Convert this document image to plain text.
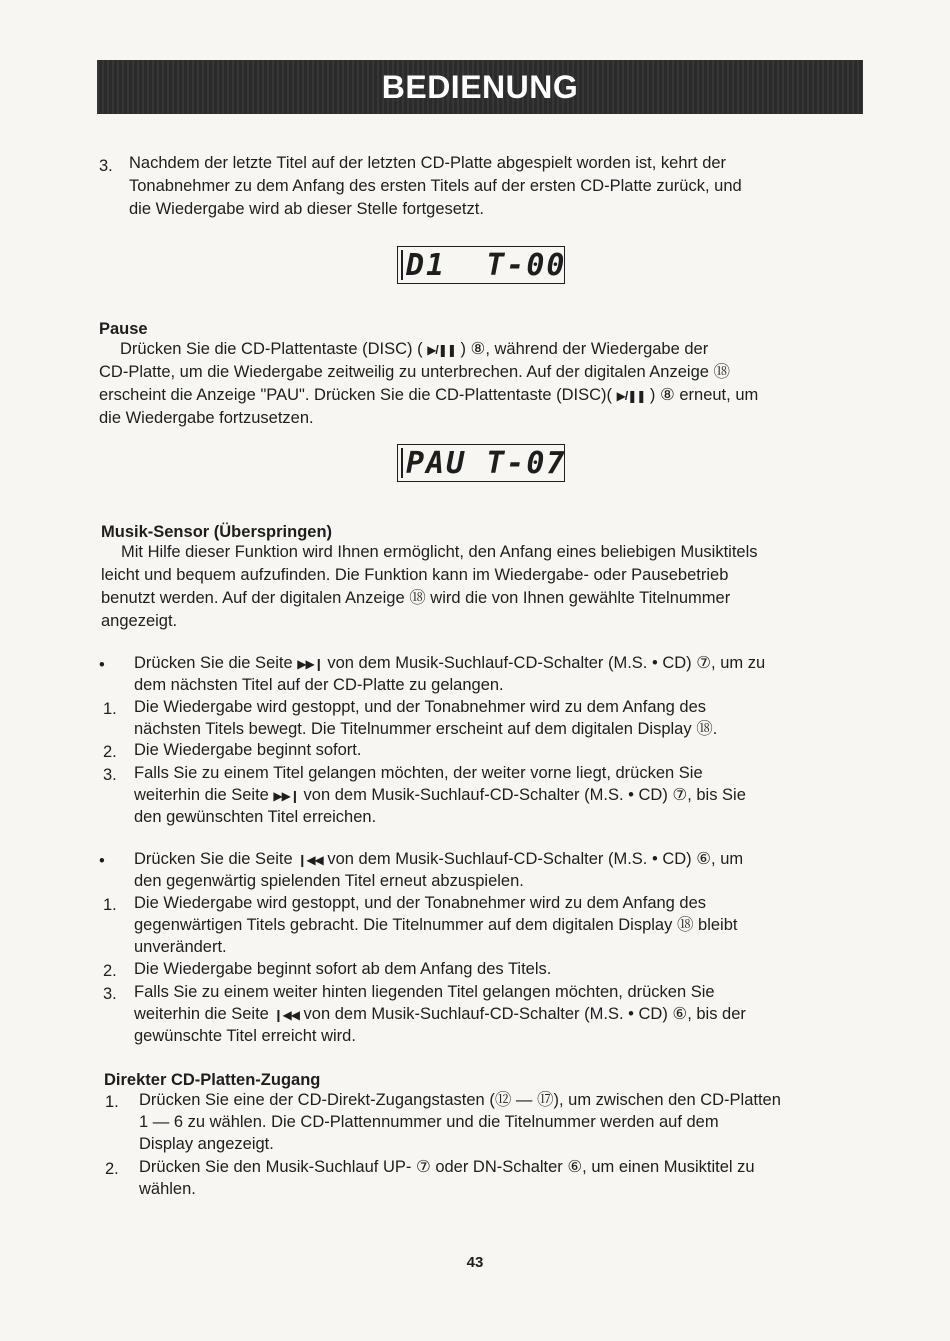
BEDIENUNG
3. Nachdem der letzte Titel auf der letzten CD-Platte abgespielt worden ist, kehrt der
Tonabnehmer zu dem Anfang des ersten Titels auf der ersten CD-Platte zurück, und
die Wiedergabe wird ab dieser Stelle fortgesetzt.
D1  T-00
Pause
Drücken Sie die CD-Plattentaste (DISC) ( ▶/❚❚ ) ⑧, während der Wiedergabe der
CD-Platte, um die Wiedergabe zeitweilig zu unterbrechen. Auf der digitalen Anzeige ⑱
erscheint die Anzeige "PAU". Drücken Sie die CD-Plattentaste (DISC)( ▶/❚❚ ) ⑧ erneut, um
die Wiedergabe fortzusetzen.
PAU T-07
Musik-Sensor (Überspringen)
Mit Hilfe dieser Funktion wird Ihnen ermöglicht, den Anfang eines beliebigen Musiktitels
leicht und bequem aufzufinden. Die Funktion kann im Wiedergabe- oder Pausebetrieb
benutzt werden. Auf der digitalen Anzeige ⑱ wird die von Ihnen gewählte Titelnummer
angezeigt.
• Drücken Sie die Seite ▶▶❙ von dem Musik-Suchlauf-CD-Schalter (M.S. • CD) ⑦, um zu
dem nächsten Titel auf der CD-Platte zu gelangen.
1. Die Wiedergabe wird gestoppt, und der Tonabnehmer wird zu dem Anfang des
nächsten Titels bewegt. Die Titelnummer erscheint auf dem digitalen Display ⑱.
2. Die Wiedergabe beginnt sofort.
3. Falls Sie zu einem Titel gelangen möchten, der weiter vorne liegt, drücken Sie
weiterhin die Seite ▶▶❙ von dem Musik-Suchlauf-CD-Schalter (M.S. • CD) ⑦, bis Sie
den gewünschten Titel erreichen.
• Drücken Sie die Seite ❙◀◀ von dem Musik-Suchlauf-CD-Schalter (M.S. • CD) ⑥, um
den gegenwärtig spielenden Titel erneut abzuspielen.
1. Die Wiedergabe wird gestoppt, und der Tonabnehmer wird zu dem Anfang des
gegenwärtigen Titels gebracht. Die Titelnummer auf dem digitalen Display ⑱ bleibt
unverändert.
2. Die Wiedergabe beginnt sofort ab dem Anfang des Titels.
3. Falls Sie zu einem weiter hinten liegenden Titel gelangen möchten, drücken Sie
weiterhin die Seite ❙◀◀ von dem Musik-Suchlauf-CD-Schalter (M.S. • CD) ⑥, bis der
gewünschte Titel erreicht wird.
Direkter CD-Platten-Zugang
1. Drücken Sie eine der CD-Direkt-Zugangstasten (⑫ — ⑰), um zwischen den CD-Platten
1 — 6 zu wählen. Die CD-Plattennummer und die Titelnummer werden auf dem
Display angezeigt.
2. Drücken Sie den Musik-Suchlauf UP- ⑦ oder DN-Schalter ⑥, um einen Musiktitel zu
wählen.
43
